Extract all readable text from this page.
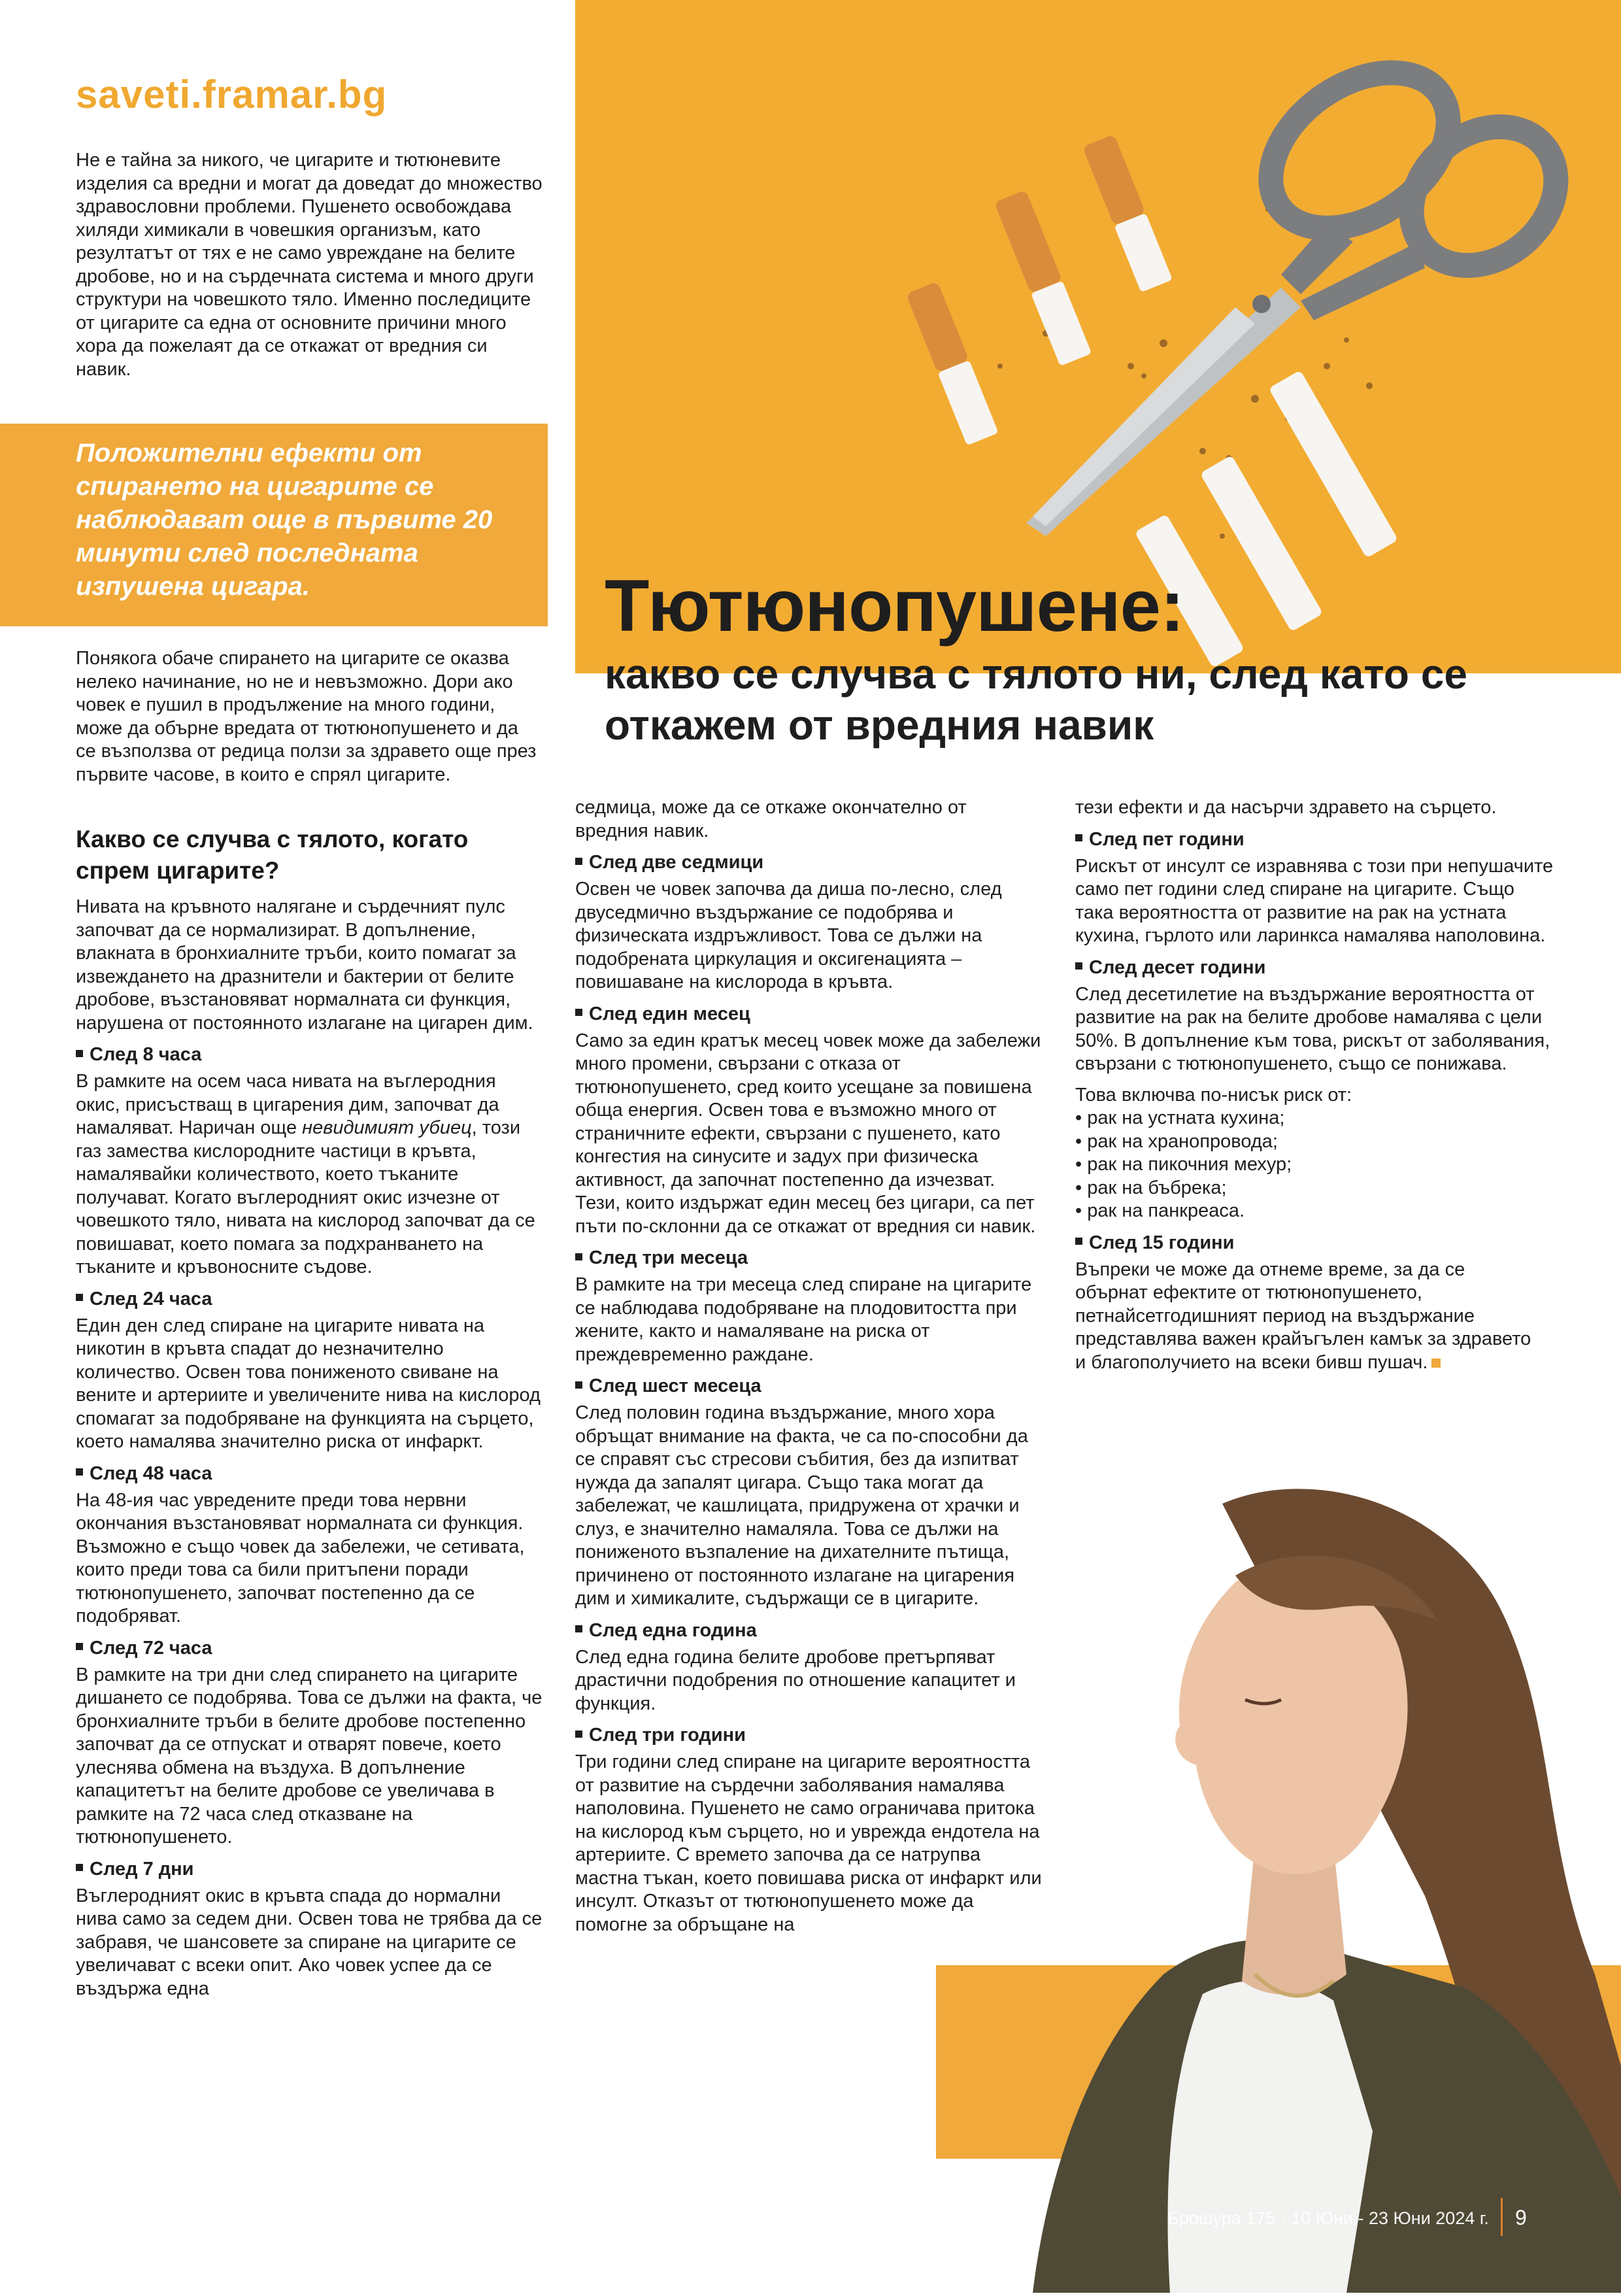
saveti.framar.bg
Не е тайна за никого, че цигарите и тютюневите изделия са вредни и могат да доведат до множество здравословни проблеми. Пушенето освобождава хиляди химикали в човешкия организъм, като резултатът от тях е не само увреждане на белите дробове, но и на сърдечната система и много други структури на човешкото тяло. Именно последиците от цигарите са една от основните причини много хора да пожелаят да се откажат от вредния си навик.
Положителни ефекти от спирането на цигарите се наблюдават още в първите 20 минути след последната изпушена цигара.
Понякога обаче спирането на цигарите се оказва нелеко начинание, но не и невъзможно. Дори ако човек е пушил в продължение на много години, може да обърне вредата от тютюнопушенето и да се възползва от редица ползи за здравето още през първите часове, в които е спрял цигарите.
Какво се случва с тялото, когато спрем цигарите?
Тютюнопушене:
какво се случва с тялото ни, след като се откажем от вредния навик

Нивата на кръвното налягане и сърдечният пулс започват да се нормализират. В допълнение, влакната в бронхиалните тръби, които помагат за извеждането на дразнители и бактерии от белите дробове, възстановяват нормалната си функция, нарушена от постоянното излагане на цигарен дим.

След 8 часа

В рамките на осем часа нивата на въглеродния окис, присъстващ в цигарения дим, започват да намаляват. Наричан още невидимият убиец, този газ замества кислородните частици в кръвта, намалявайки количеството, което тъканите получават. Когато въглеродният окис изчезне от човешкото тяло, нивата на кислород започват да се повишават, което помага за подхранването на тъканите и кръвоносните съдове.

След 24 часа

Един ден след спиране на цигарите нивата на никотин в кръвта спадат до незначително количество. Освен това пониженото свиване на вените и артериите и увеличените нива на кислород спомагат за подобряване на функцията на сърцето, което намалява значително риска от инфаркт.

След 48 часа

На 48-ия час увредените преди това нервни окончания възстановяват нормалната си функция. Възможно е също човек да забележи, че сетивата, които преди това са били притъпени поради тютюнопушенето, започват постепенно да се подобряват.

След 72 часа

В рамките на три дни след спирането на цигарите дишането се подобрява. Това се дължи на факта, че бронхиалните тръби в белите дробове постепенно започват да се отпускат и отварят повече, което улеснява обмена на въздуха. В допълнение капацитетът на белите дробове се увеличава в рамките на 72 часа след отказване на тютюнопушенето.

След 7 дни

Въглеродният окис в кръвта спада до нормални нива само за седем дни. Освен това не трябва да се забравя, че шансовете за спиране на цигарите се увеличават с всеки опит. Ако човек успее да се въздържа една

седмица, може да се откаже окончателно от вредния навик.

След две седмици

Освен че човек започва да диша по-лесно, след двуседмично въздържание се подобрява и физическата издръжливост. Това се дължи на подобрената циркулация и оксигенацията – повишаване на кислорода в кръвта.

След един месец

Само за един кратък месец човек може да забележи много промени, свързани с отказа от тютюнопушенето, сред които усещане за повишена обща енергия. Освен това е възможно много от страничните ефекти, свързани с пушенето, като конгестия на синусите и задух при физическа активност, да започнат постепенно да изчезват.

Тези, които издържат един месец без цигари, са пет пъти по-склонни да се откажат от вредния си навик.

След три месеца

В рамките на три месеца след спиране на цигарите се наблюдава подобряване на плодовитостта при жените, както и намаляване на риска от преждевременно раждане.

След шест месеца

След половин година въздържание, много хора обръщат внимание на факта, че са по-способни да се справят със стресови събития, без да изпитват нужда да запалят цигара. Също така могат да забележат, че кашлицата, придружена от храчки и слуз, е значително намаляла. Това се дължи на пониженото възпаление на дихателните пътища, причинено от постоянното излагане на цигарения дим и химикалите, съдържащи се в цигарите.

След една година

След една година белите дробове претърпяват драстични подобрения по отношение капацитет и функция.

След три години

Три години след спиране на цигарите вероятността от развитие на сърдечни заболявания намалява наполовина. Пушенето не само ограничава притока на кислород към сърцето, но и уврежда ендотела на артериите. С времето започва да се натрупва мастна тъкан, което повишава риска от инфаркт или инсулт. Отказът от тютюнопушенето може да помогне за обръщане на

тези ефекти и да насърчи здравето на сърцето.

След пет години

Рискът от инсулт се изравнява с този при непушачите само пет години след спиране на цигарите. Също така вероятността от развитие на рак на устната кухина, гърлото или ларинкса намалява наполовина.

След десет години

След десетилетие на въздържание вероятността от развитие на рак на белите дробове намалява с цели 50%. В допълнение към това, рискът от заболявания, свързани с тютюнопушенето, също се понижава.

Това включва по-нисък риск от:

• рак на устната кухина;
• рак на хранопровода;
• рак на пикочния мехур;
• рак на бъбрека;
• рак на панкреаса.
След 15 години

Въпреки че може да отнеме време, за да се обърнат ефектите от тютюнопушенето, петнайсетгодишният период на въздържание представлява важен крайъгълен камък за здравето и благополучието на всеки бивш пушач.

Брошура 175 · 10 Юни - 23 Юни 2024 г. 9
